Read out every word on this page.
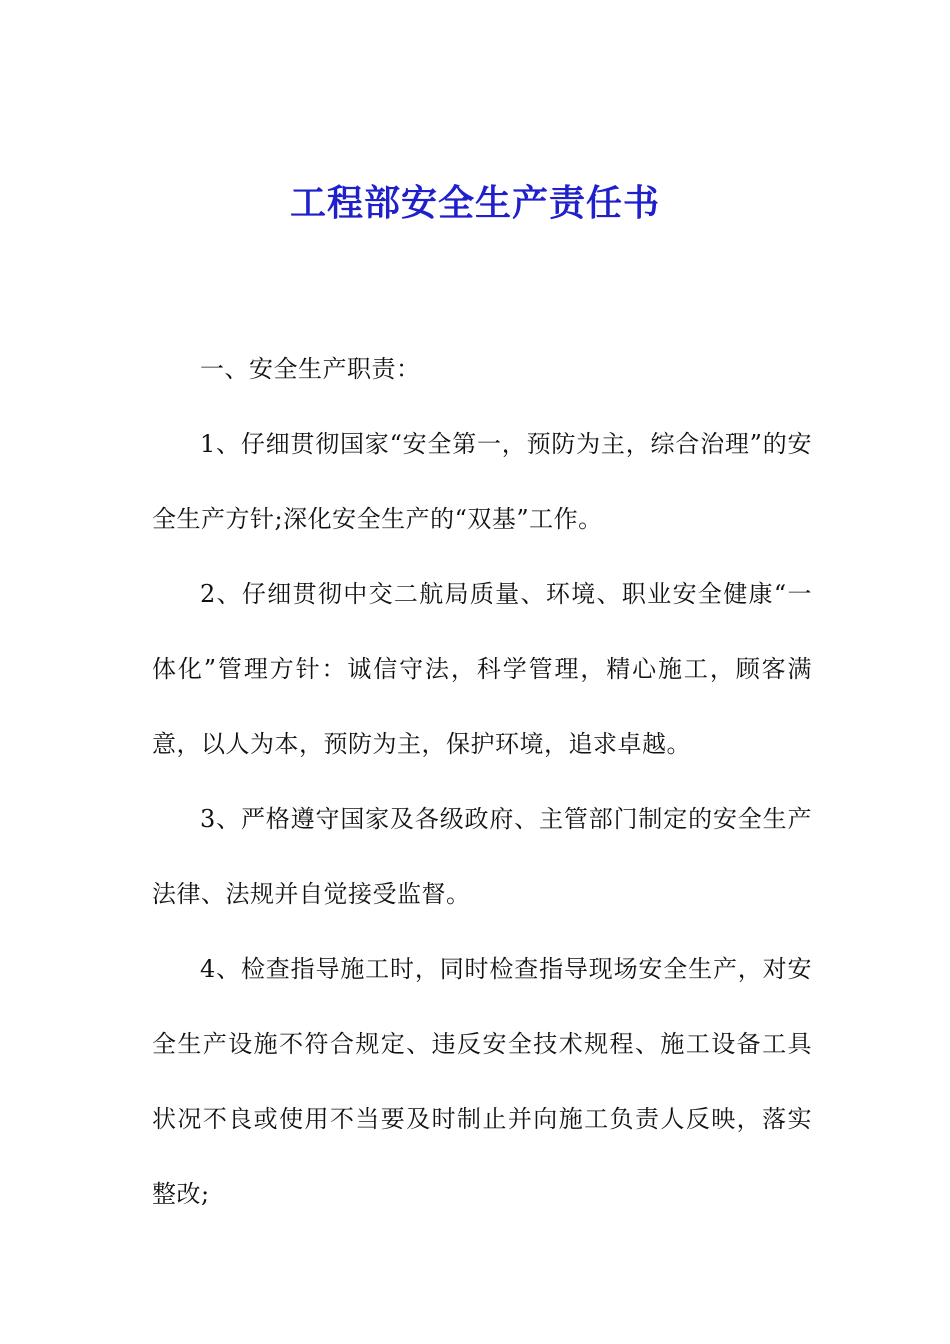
工程部安全生产责任书

一、安全生产职责：

1、仔细贯彻国家“安全第一，预防为主，综合治理”的安全生产方针;深化安全生产的“双基”工作。

2、仔细贯彻中交二航局质量、环境、职业安全健康“一体化”管理方针：诚信守法，科学管理，精心施工，顾客满意，以人为本，预防为主，保护环境，追求卓越。

3、严格遵守国家及各级政府、主管部门制定的安全生产法律、法规并自觉接受监督。

4、检查指导施工时，同时检查指导现场安全生产，对安全生产设施不符合规定、违反安全技术规程、施工设备工具状况不良或使用不当要及时制止并向施工负责人反映，落实整改;
